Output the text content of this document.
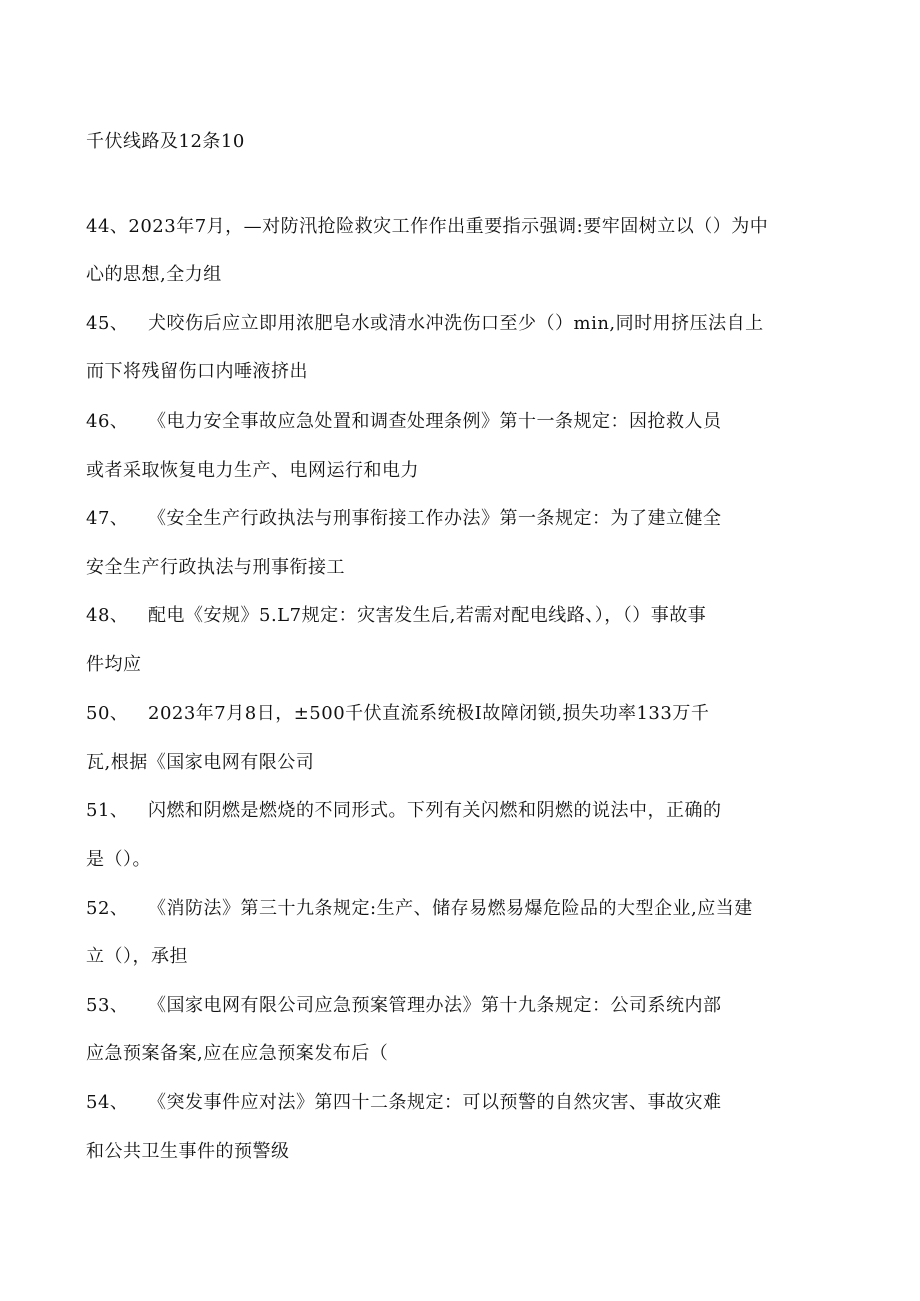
千伏线路及12条10
44、2023年7月，—对防汛抢险救灾工作作出重要指示强调:要牢固树立以（）为中
心的思想,全力组
45、 犬咬伤后应立即用浓肥皂水或清水冲洗伤口至少（）min,同时用挤压法自上
而下将残留伤口内唾液挤出
46、 《电力安全事故应急处置和调查处理条例》第十一条规定：因抢救人员
或者采取恢复电力生产、电网运行和电力
47、 《安全生产行政执法与刑事衔接工作办法》第一条规定：为了建立健全
安全生产行政执法与刑事衔接工
48、 配电《安规》5.L7规定：灾害发生后,若需对配电线路、），（）事故事
件均应
50、 2023年7月8日，±500千伏直流系统极I故障闭锁,损失功率133万千
瓦,根据《国家电网有限公司
51、 闪燃和阴燃是燃烧的不同形式。下列有关闪燃和阴燃的说法中，正确的
是（）。
52、 《消防法》第三十九条规定:生产、储存易燃易爆危险品的大型企业,应当建
立（），承担
53、 《国家电网有限公司应急预案管理办法》第十九条规定：公司系统内部
应急预案备案,应在应急预案发布后（
54、 《突发事件应对法》第四十二条规定：可以预警的自然灾害、事故灾难
和公共卫生事件的预警级
